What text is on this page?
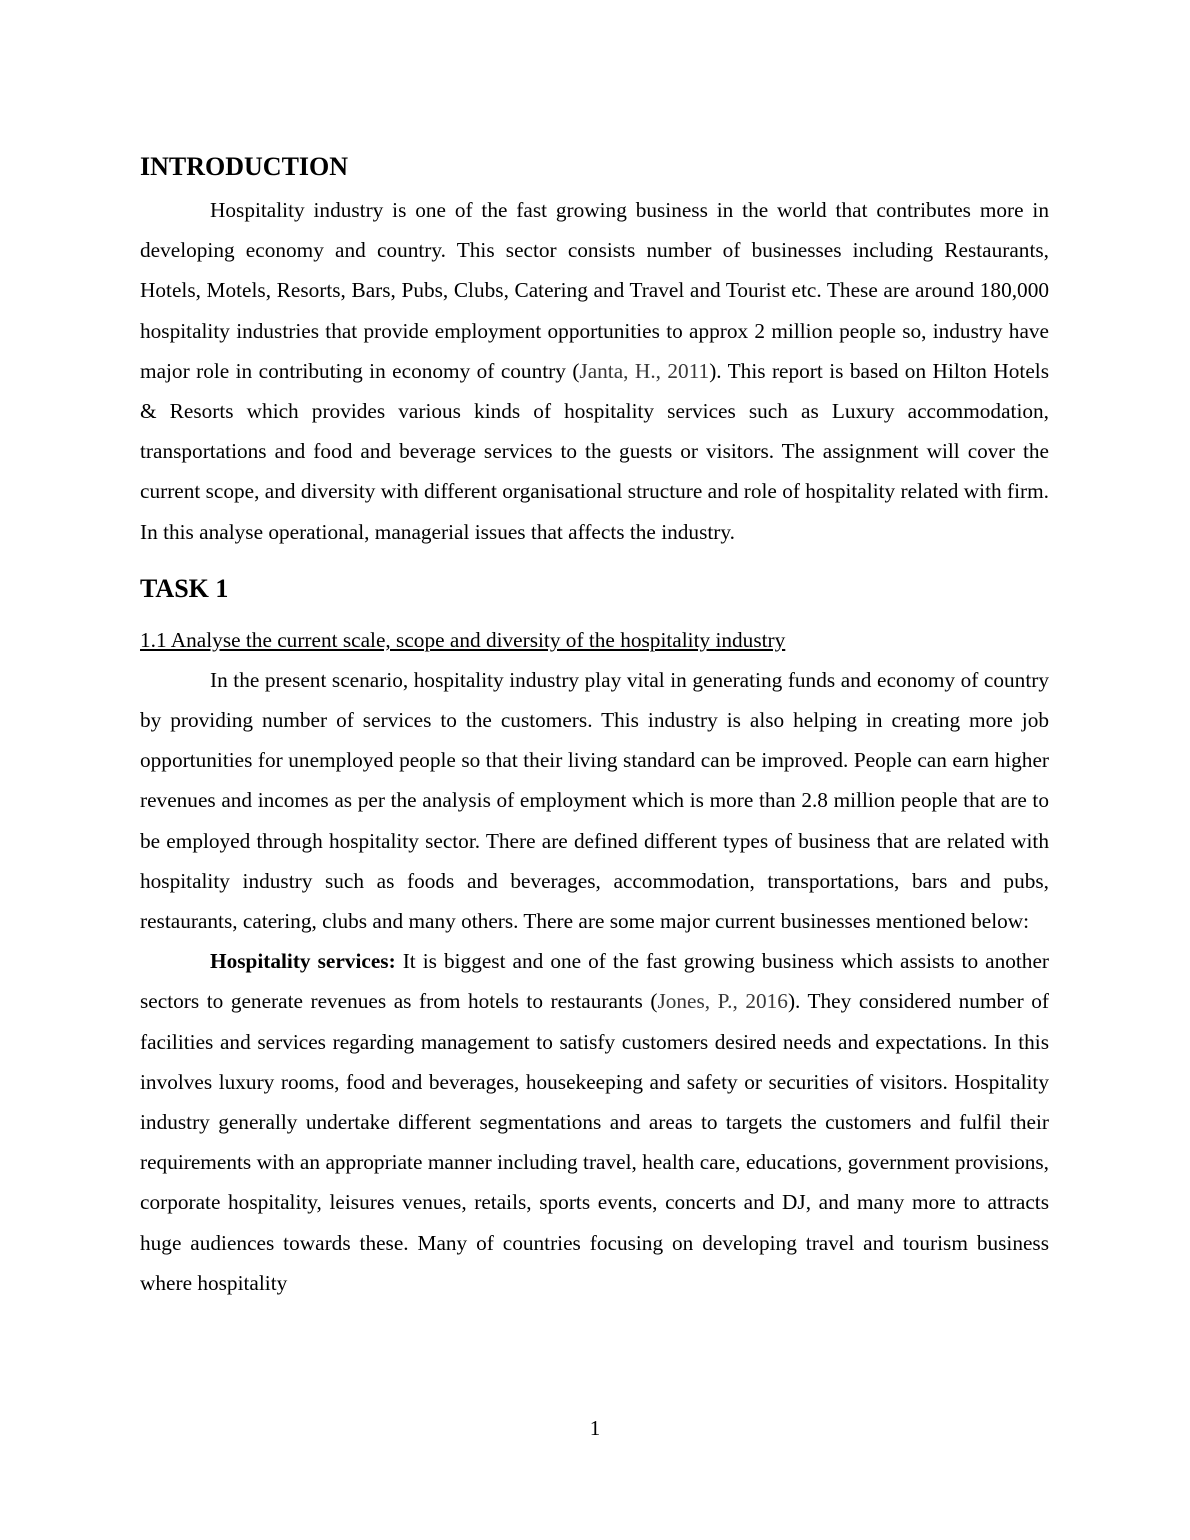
INTRODUCTION

Hospitality industry is one of the fast growing business in the world that contributes more in developing economy and country. This sector consists number of businesses including Restaurants, Hotels, Motels, Resorts, Bars, Pubs, Clubs, Catering and Travel and Tourist etc. These are around 180,000 hospitality industries that provide employment opportunities to approx 2 million people so, industry have major role in contributing in economy of country (Janta, H., 2011). This report is based on Hilton Hotels & Resorts which provides various kinds of hospitality services such as Luxury accommodation, transportations and food and beverage services to the guests or visitors. The assignment will cover the current scope, and diversity with different organisational structure and role of hospitality related with firm. In this analyse operational, managerial issues that affects the industry.

TASK 1
1.1 Analyse the current scale, scope and diversity of the hospitality industry

In the present scenario, hospitality industry play vital in generating funds and economy of country by providing number of services to the customers. This industry is also helping in creating more job opportunities for unemployed people so that their living standard can be improved. People can earn higher revenues and incomes as per the analysis of employment which is more than 2.8 million people that are to be employed through hospitality sector. There are defined different types of business that are related with hospitality industry such as foods and beverages, accommodation, transportations, bars and pubs, restaurants, catering, clubs and many others. There are some major current businesses mentioned below:

Hospitality services: It is biggest and one of the fast growing business which assists to another sectors to generate revenues as from hotels to restaurants (Jones, P., 2016). They considered number of facilities and services regarding management to satisfy customers desired needs and expectations. In this involves luxury rooms, food and beverages, housekeeping and safety or securities of visitors. Hospitality industry generally undertake different segmentations and areas to targets the customers and fulfil their requirements with an appropriate manner including travel, health care, educations, government provisions, corporate hospitality, leisures venues, retails, sports events, concerts and DJ, and many more to attracts huge audiences towards these. Many of countries focusing on developing travel and tourism business where hospitality

1
